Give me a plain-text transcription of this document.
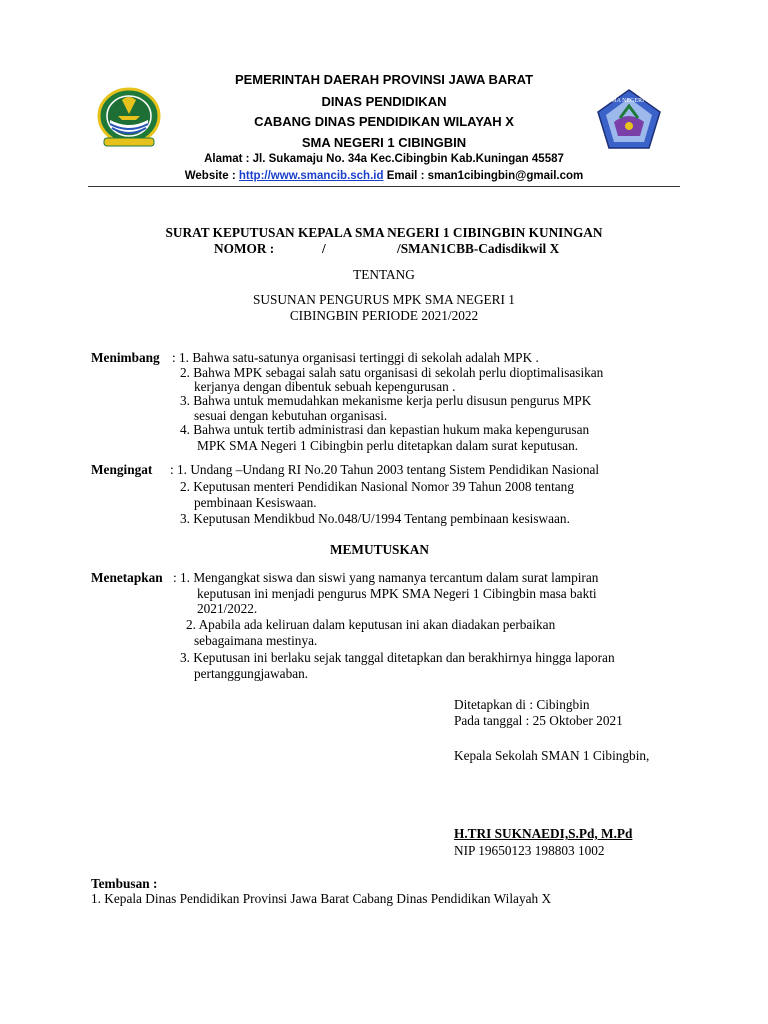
SMA NEGERI 1
PEMERINTAH DAERAH PROVINSI JAWA BARAT
DINAS PENDIDIKAN
CABANG DINAS PENDIDIKAN WILAYAH X
SMA NEGERI 1 CIBINGBIN
Alamat : Jl. Sukamaju No. 34a Kec.Cibingbin Kab.Kuningan 45587
Website : http://www.smancib.sch.id Email : sman1cibingbin@gmail.com
SURAT KEPUTUSAN KEPALA SMA NEGERI 1 CIBINGBIN KUNINGAN
NOMOR :	/	/SMAN1CBB-Cadisdikwil X
TENTANG
SUSUNAN PENGURUS MPK SMA NEGERI 1
CIBINGBIN PERIODE 2021/2022
Menimbang : 1. Bahwa satu-satunya organisasi tertinggi di sekolah adalah MPK .
2. Bahwa MPK sebagai salah satu organisasi di sekolah perlu dioptimalisasikan
kerjanya dengan dibentuk sebuah kepengurusan .
3. Bahwa untuk memudahkan mekanisme kerja perlu disusun pengurus MPK
sesuai dengan kebutuhan organisasi.
4. Bahwa untuk tertib administrasi dan kepastian hukum maka kepengurusan
MPK SMA Negeri 1 Cibingbin perlu ditetapkan dalam surat keputusan.
Mengingat : 1. Undang –Undang RI No.20 Tahun 2003 tentang Sistem Pendidikan Nasional
2. Keputusan menteri Pendidikan Nasional Nomor 39 Tahun 2008 tentang
pembinaan Kesiswaan.
3. Keputusan Mendikbud No.048/U/1994 Tentang pembinaan kesiswaan.
MEMUTUSKAN
Menetapkan : 1. Mengangkat siswa dan siswi yang namanya tercantum dalam surat lampiran
keputusan ini menjadi pengurus MPK SMA Negeri 1 Cibingbin masa bakti
2021/2022.
2. Apabila ada keliruan dalam keputusan ini akan diadakan perbaikan
sebagaimana mestinya.
3. Keputusan ini berlaku sejak tanggal ditetapkan dan berakhirnya hingga laporan
pertanggungjawaban.
Ditetapkan di : Cibingbin
Pada tanggal : 25 Oktober 2021
Kepala Sekolah SMAN 1 Cibingbin,
H.TRI SUKNAEDI,S.Pd, M.Pd
NIP 19650123 198803 1002
Tembusan :
1. Kepala Dinas Pendidikan Provinsi Jawa Barat Cabang Dinas Pendidikan Wilayah X
